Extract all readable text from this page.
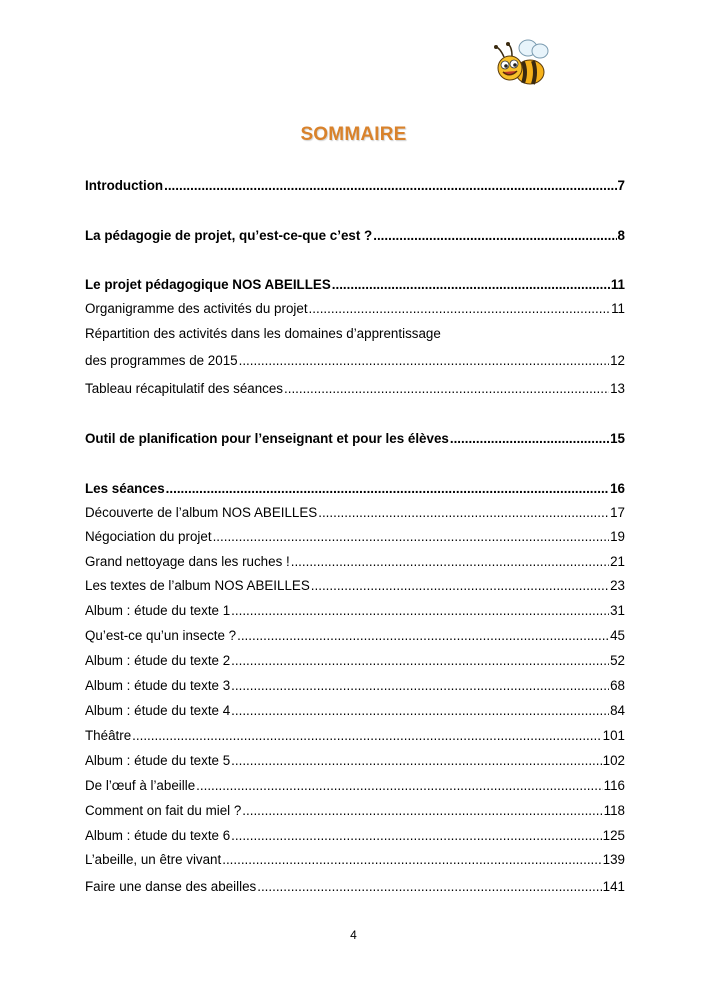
SOMMAIRE
Introduction .....	7
La pédagogie de projet, qu’est-ce-que c’est ? .....	8
Le projet pédagogique NOS ABEILLES .....	11
Organigramme des activités du projet .....	11
Répartition des activités dans les domaines d’apprentissage
des programmes de 2015 .....	12
Tableau récapitulatif des séances .....	13
Outil de planification pour l’enseignant et pour les élèves .....	15
Les séances .....	16
Découverte de l’album NOS ABEILLES .....	17
Négociation du projet .....	19
Grand nettoyage dans les ruches ! .....	21
Les textes de l’album NOS ABEILLES .....	23
Album : étude du texte 1 .....	31
Qu’est-ce qu’un insecte ? .....	45
Album : étude du texte 2 .....	52
Album : étude du texte 3 .....	68
Album : étude du texte 4 .....	84
Théâtre .....	101
Album : étude du texte 5 .....	102
De l’œuf à l’abeille .....	116
Comment on fait du miel ? .....	118
Album : étude du texte 6 .....	125
L’abeille, un être vivant .....	139
Faire une danse des abeilles .....	141
4
